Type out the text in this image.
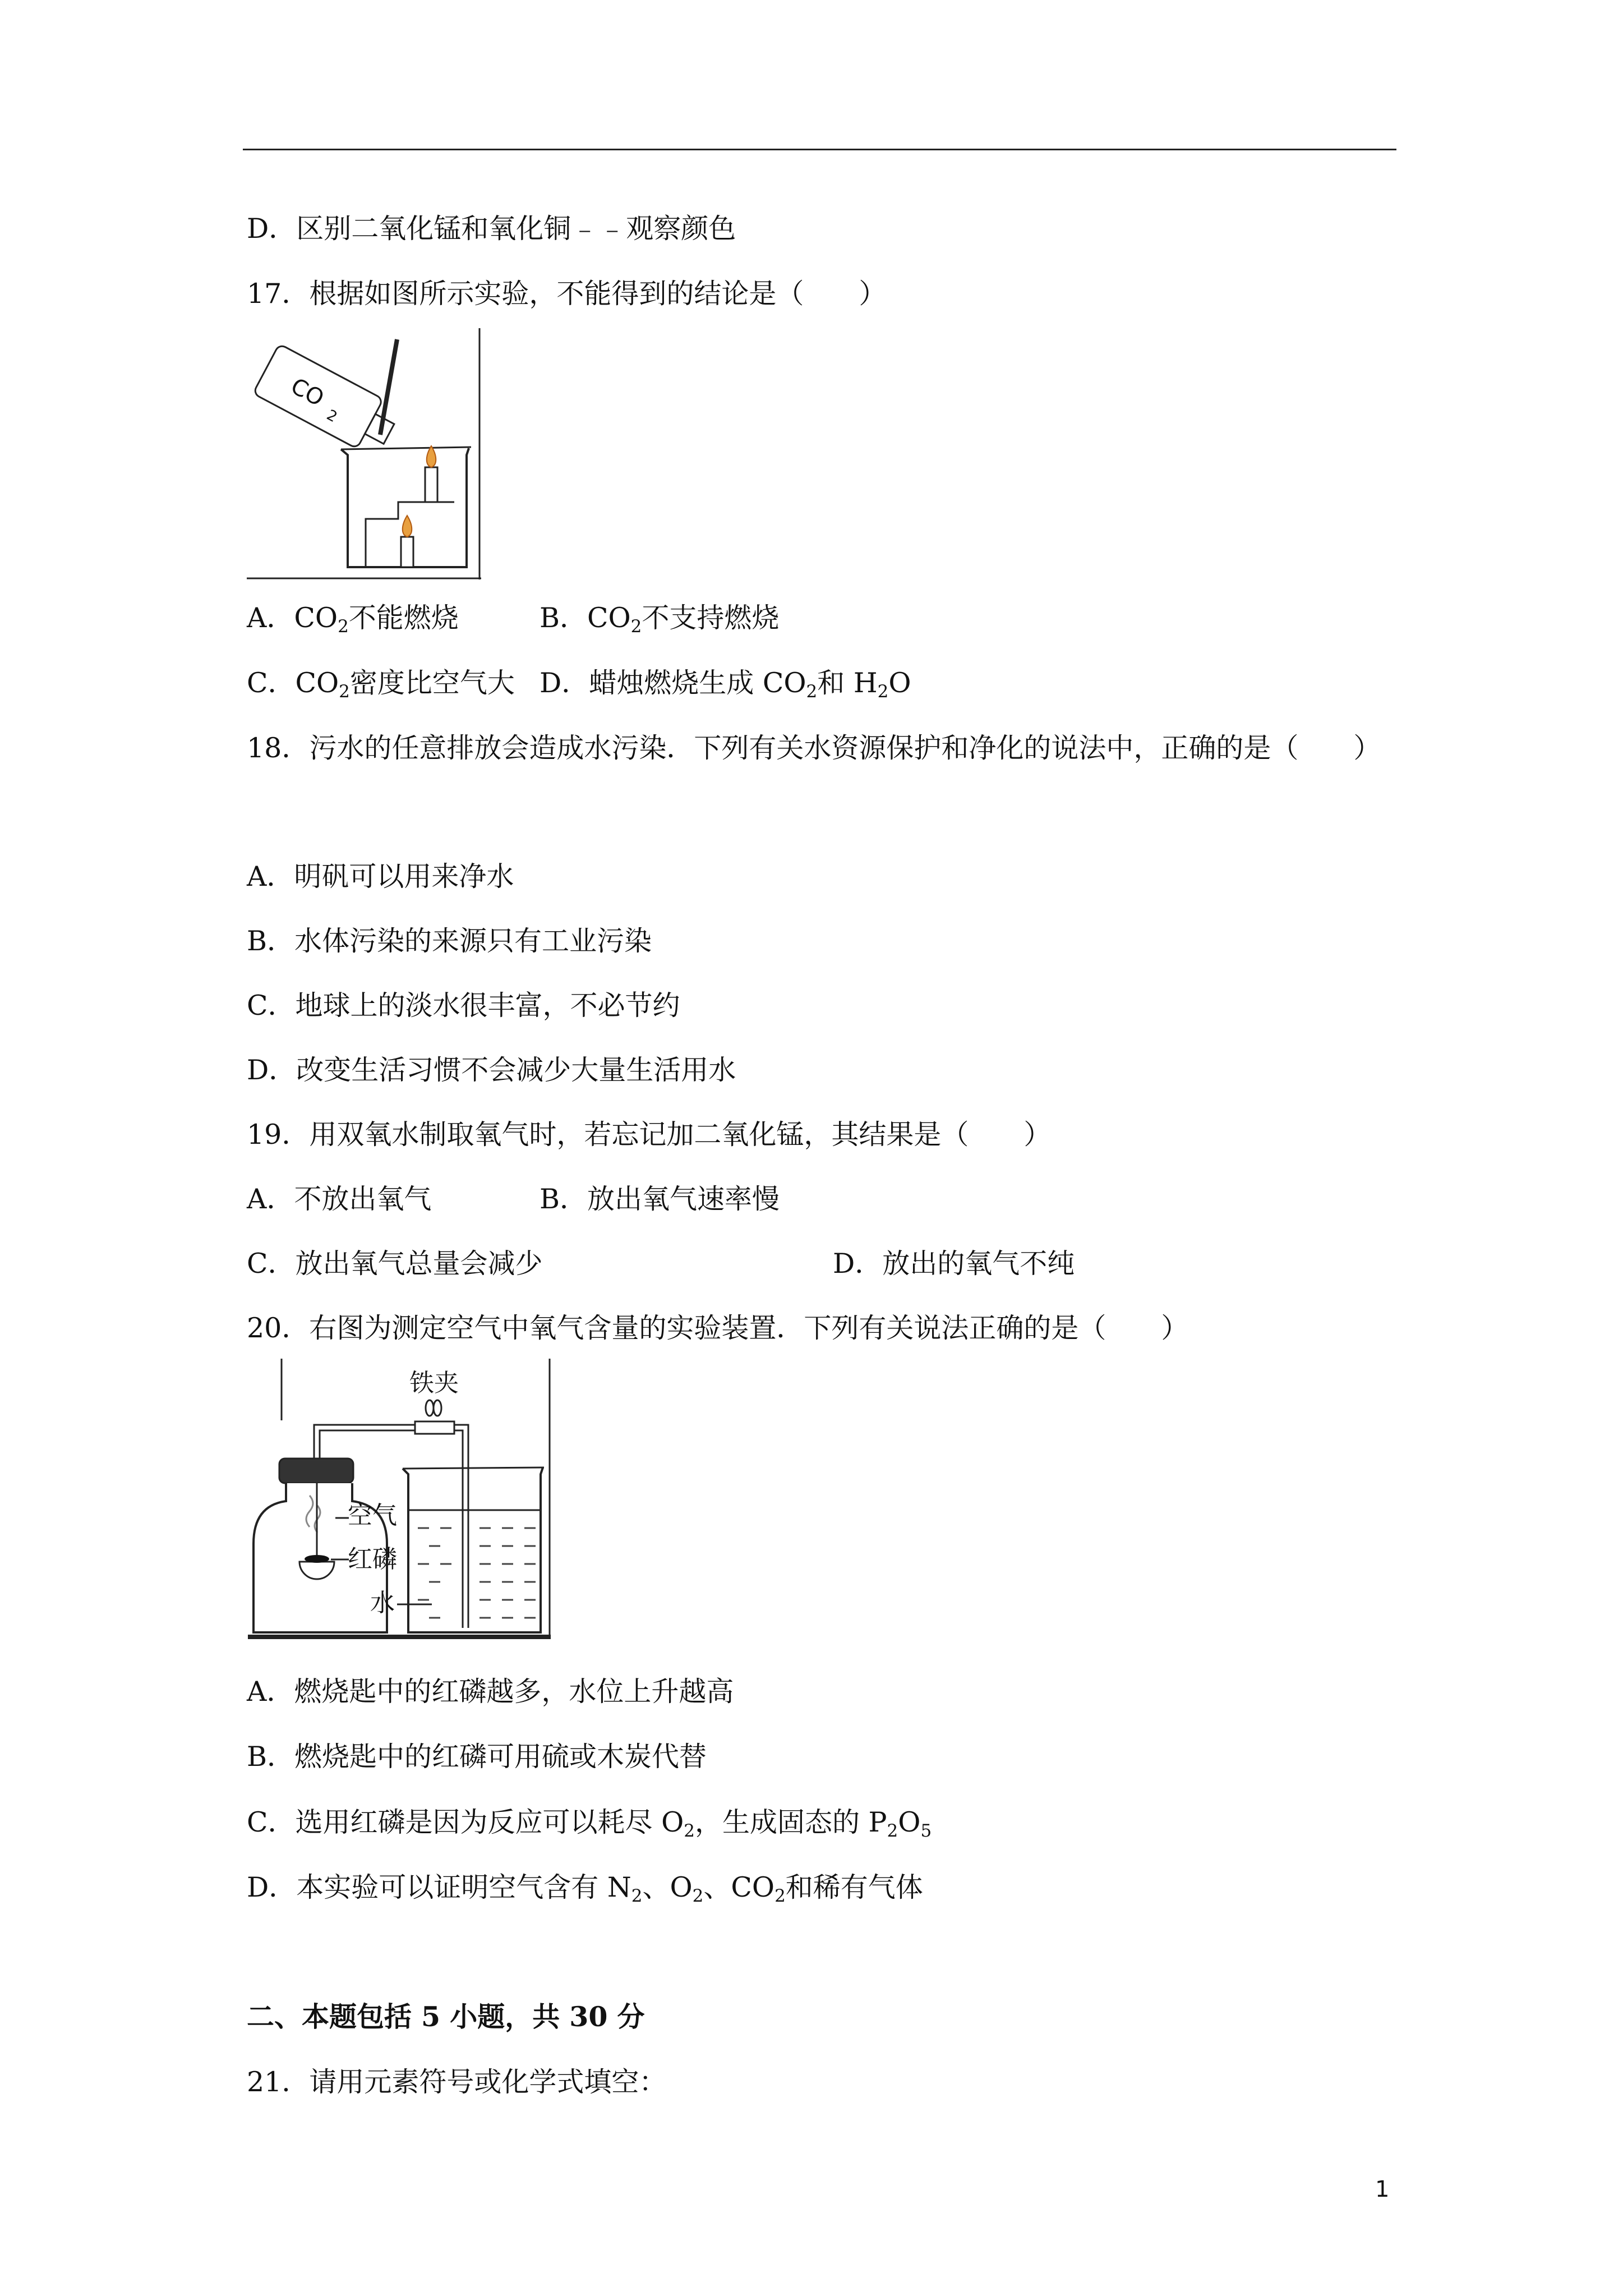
D．区别二氧化锰和氧化铜﹣﹣观察颜色
17．根据如图所示实验，不能得到的结论是（　　）
CO
2
A．$CO_2$不能燃烧	B．$CO_2$不支持燃烧
C．$CO_2$密度比空气大 D．蜡烛燃烧生成 $CO_2$和 $H_2O$
18．污水的任意排放会造成水污染．下列有关水资源保护和净化的说法中，正确的是（　　）
A．明矾可以用来净水
B．水体污染的来源只有工业污染
C．地球上的淡水很丰富，不必节约
D．改变生活习惯不会减少大量生活用水
19．用双氧水制取氧气时，若忘记加二氧化锰，其结果是（　　）
A．不放出氧气	B．放出氧气速率慢
C．放出氧气总量会减少	D．放出的氧气不纯
20．右图为测定空气中氧气含量的实验装置．下列有关说法正确的是（　　）
铁夹
空气
红磷
水
A．燃烧匙中的红磷越多，水位上升越高
B．燃烧匙中的红磷可用硫或木炭代替
C．选用红磷是因为反应可以耗尽 $O_2$，生成固态的 $P_2O_5$
D．本实验可以证明空气含有 $N_2$、$O_2$、$CO_2$和稀有气体
二、本题包括 5 小题，共 30 分
21．请用元素符号或化学式填空：
1
